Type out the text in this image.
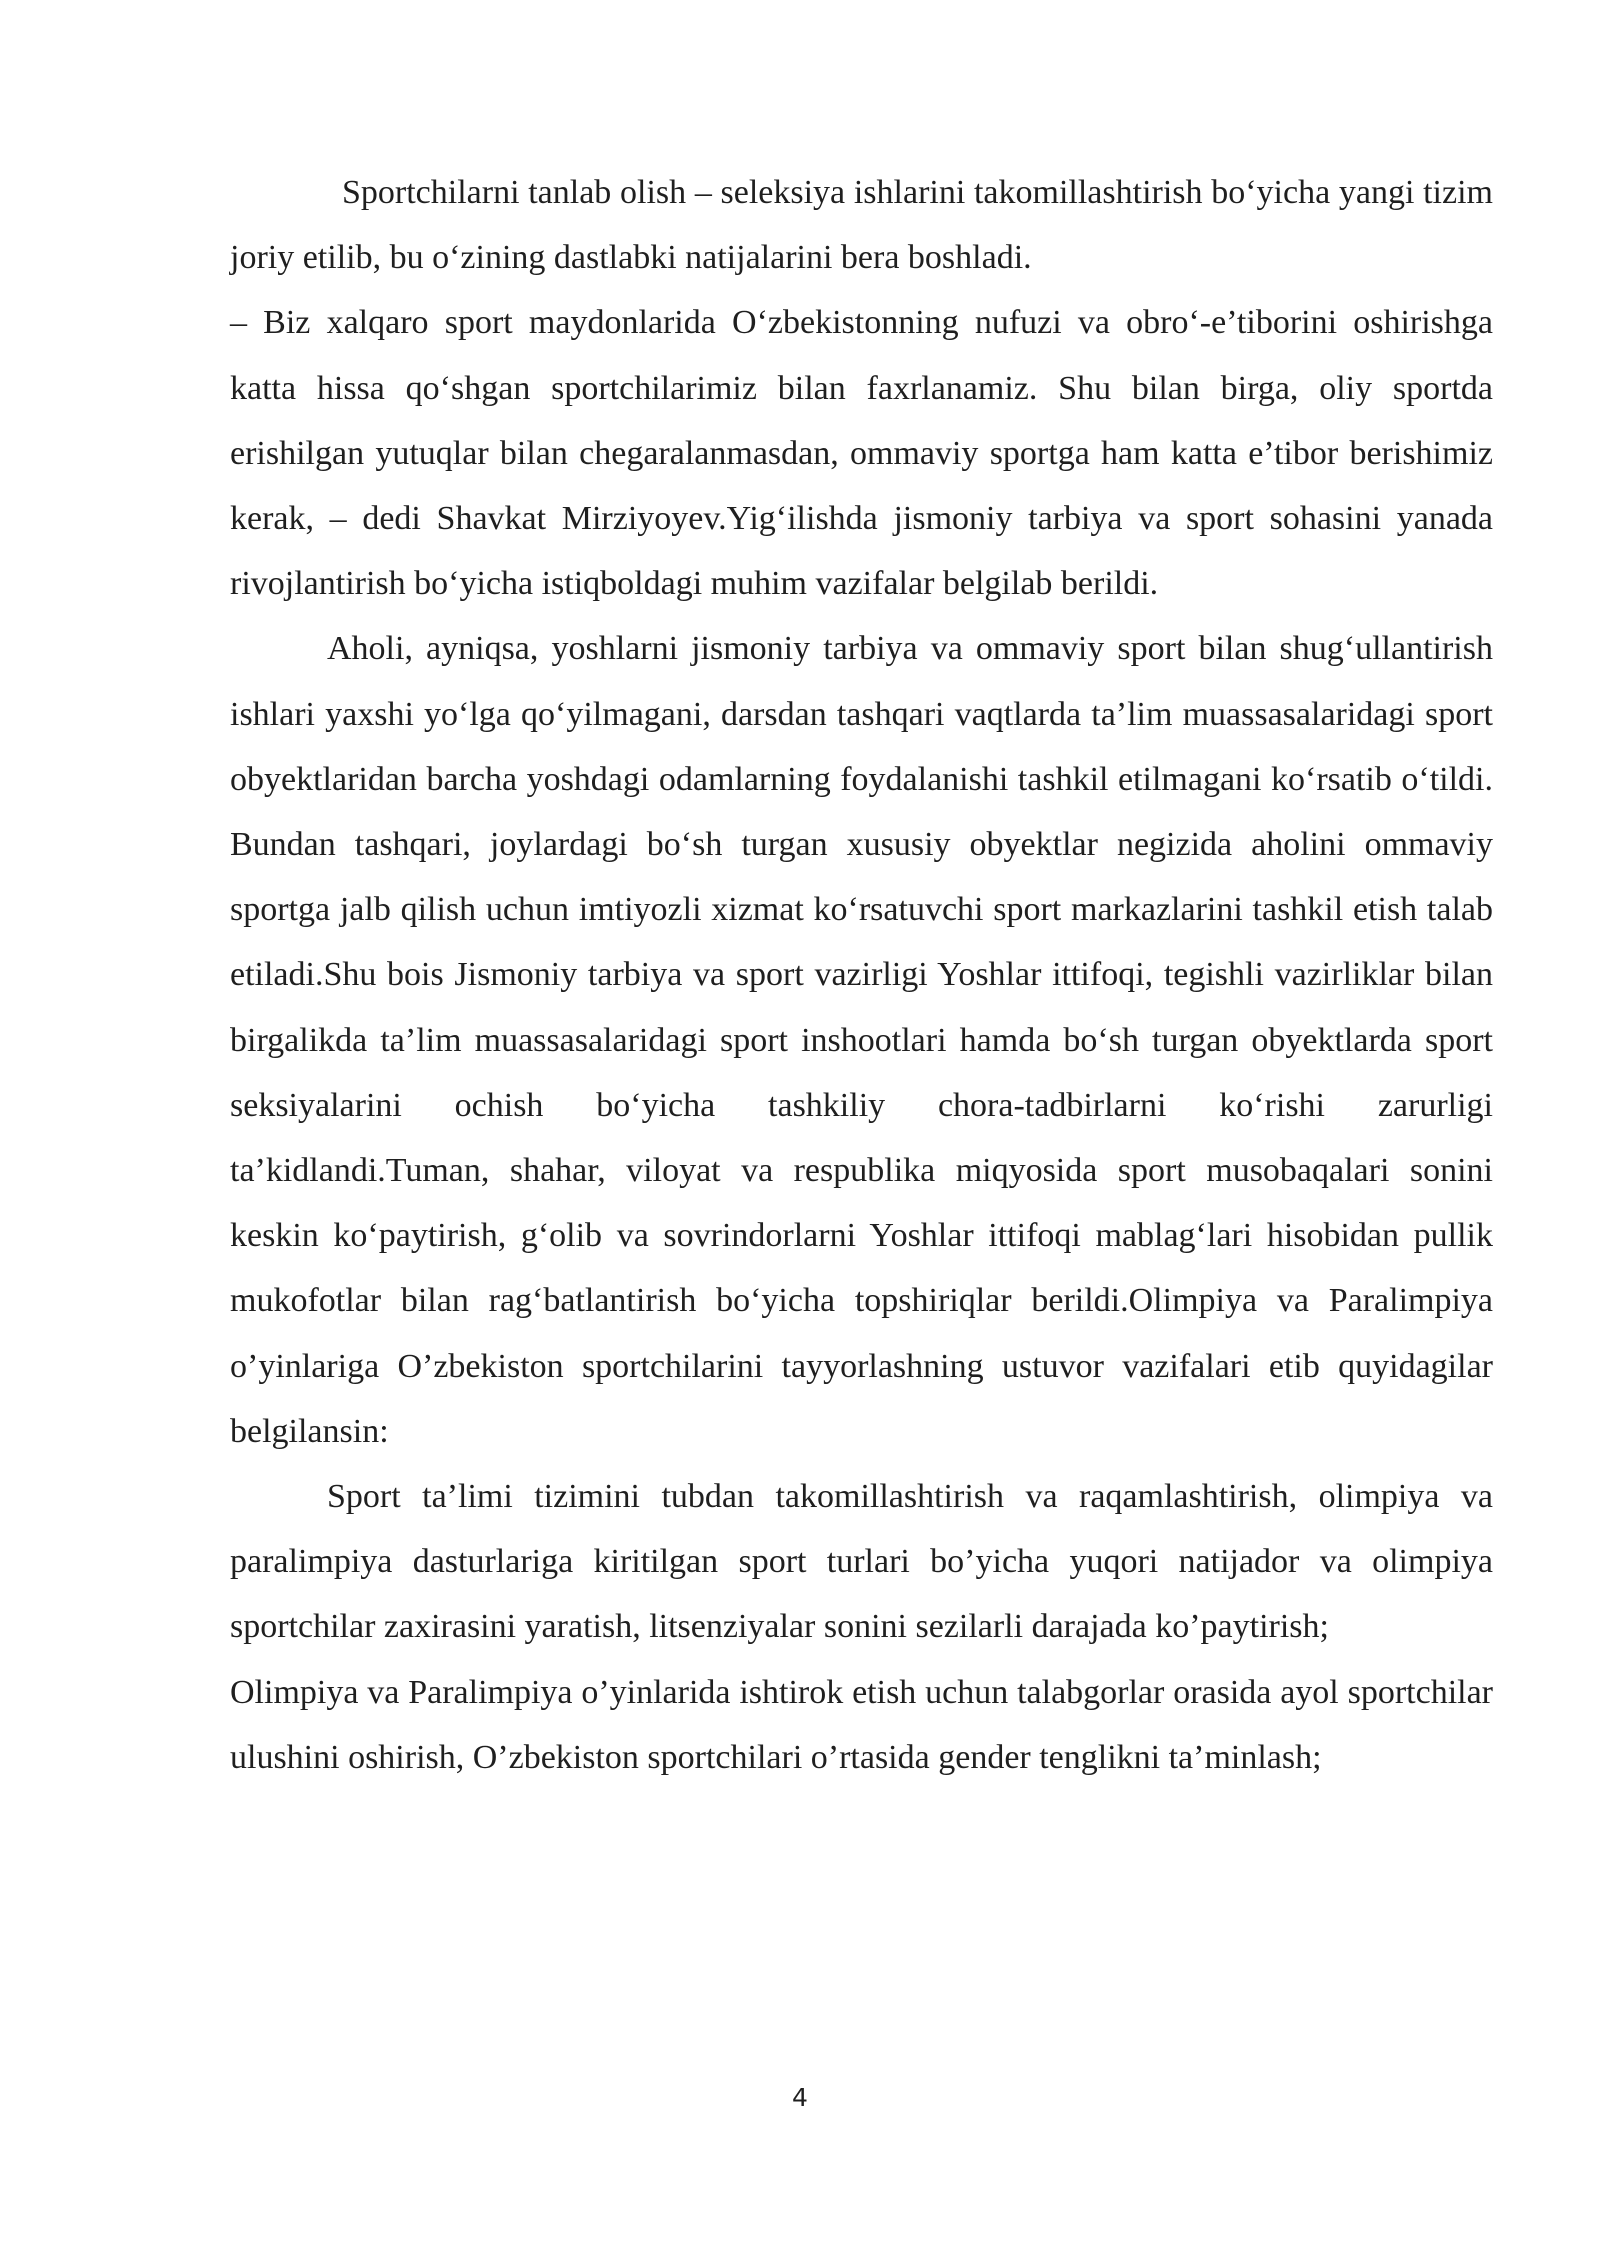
Sportchilarni tanlab olish – seleksiya ishlarini takomillashtirish bo‘yicha yangi tizim joriy etilib, bu o‘zining dastlabki natijalarini bera boshladi.

– Biz xalqaro sport maydonlarida O‘zbekistonning nufuzi va obro‘-e’tiborini oshirishga katta hissa qo‘shgan sportchilarimiz bilan faxrlanamiz. Shu bilan birga, oliy sportda erishilgan yutuqlar bilan chegaralanmasdan, ommaviy sportga ham katta e’tibor berishimiz kerak, – dedi Shavkat Mirziyoyev.Yig‘ilishda jismoniy tarbiya va sport sohasini yanada rivojlantirish bo‘yicha istiqboldagi muhim vazifalar belgilab berildi.

Aholi, ayniqsa, yoshlarni jismoniy tarbiya va ommaviy sport bilan shug‘ullantirish ishlari yaxshi yo‘lga qo‘yilmagani, darsdan tashqari vaqtlarda ta’lim muassasalaridagi sport obyektlaridan barcha yoshdagi odamlarning foydalanishi tashkil etilmagani ko‘rsatib o‘tildi. Bundan tashqari, joylardagi bo‘sh turgan xususiy obyektlar negizida aholini ommaviy sportga jalb qilish uchun imtiyozli xizmat ko‘rsatuvchi sport markazlarini tashkil etish talab etiladi.Shu bois Jismoniy tarbiya va sport vazirligi Yoshlar ittifoqi, tegishli vazirliklar bilan birgalikda ta’lim muassasalaridagi sport inshootlari hamda bo‘sh turgan obyektlarda sport seksiyalarini ochish bo‘yicha tashkiliy chora-tadbirlarni ko‘rishi zarurligi ta’kidlandi.Tuman, shahar, viloyat va respublika miqyosida sport musobaqalari sonini keskin ko‘paytirish, g‘olib va sovrindorlarni Yoshlar ittifoqi mablag‘lari hisobidan pullik mukofotlar bilan rag‘batlantirish bo‘yicha topshiriqlar berildi.Olimpiya va Paralimpiya o’yinlariga O’zbekiston sportchilarini tayyorlashning ustuvor vazifalari etib quyidagilar belgilansin:

Sport ta’limi tizimini tubdan takomillashtirish va raqamlashtirish, olimpiya va paralimpiya dasturlariga kiritilgan sport turlari bo’yicha yuqori natijador va olimpiya sportchilar zaxirasini yaratish, litsenziyalar sonini sezilarli darajada ko’paytirish;

Olimpiya va Paralimpiya o’yinlarida ishtirok etish uchun talabgorlar orasida ayol sportchilar ulushini oshirish, O’zbekiston sportchilari o’rtasida gender tenglikni ta’minlash;

4
